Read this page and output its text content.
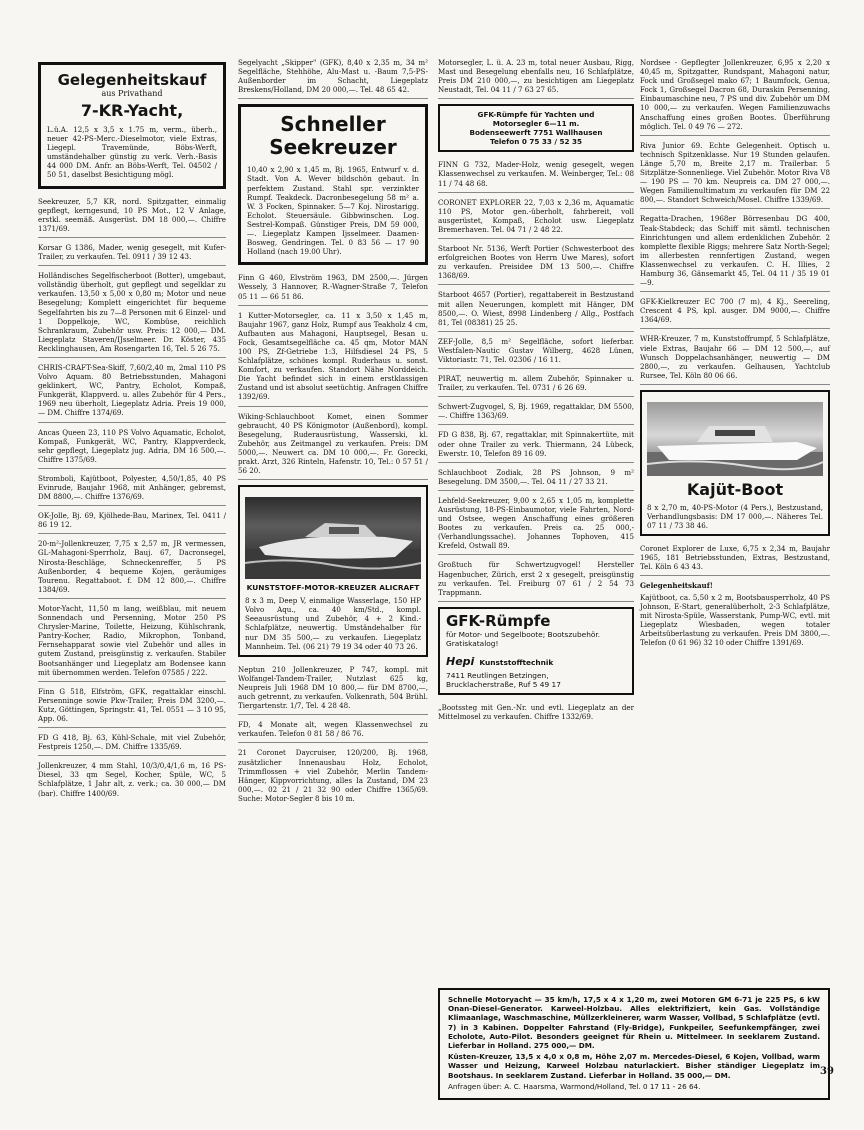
Gelegenheitskauf
aus Privathand
7-KR-Yacht,
L.ü.A. 12,5 x 3,5 x 1.75 m, verm., überh., neuer 42-PS-Merc.-Dieselmotor, viele Extras, Liegepl. Travemünde, Böbs-Werft, umständehalber günstig zu verk. Verh.-Basis 44 000 DM. Anfr. an Böbs-Werft, Tel. 04502 / 50 51, daselbst Besichtigung mögl.
Seekreuzer, 5,7 KR, nord. Spitzgatter, einmalig gepflegt, kerngesund, 10 PS Mot., 12 V Anlage, erstkl. seemäß. Ausgerüst. DM 18 000,—. Chiffre 1371/69.
Korsar G 1386, Mader, wenig gesegelt, mit Kufer-Trailer, zu verkaufen. Tel. 0911 / 39 12 43.
Holländisches Segelfischerboot (Botter), umgebaut, vollständig überholt, gut gepflegt und segelklar zu verkaufen. 13,50 x 5,00 x 0,80 m; Motor und neue Besegelung; Komplett eingerichtet für bequeme Segelfahrten bis zu 7—8 Personen mit 6 Einzel- und 1 Doppelkoje, WC, Kombüse, reichlich Schrankraum, Zubehör usw. Preis: 12 000,— DM. Liegeplatz Staveren/IJsselmeer. Dr. Köster, 435 Recklinghausen, Am Rosengarten 16, Tel. 5 26 75.
CHRIS-CRAFT-Sea-Skiff, 7,60/2,40 m, 2mal 110 PS Volvo Aquam. 80 Betriebsstunden, Mahagoni geklinkert, WC, Pantry, Echolot, Kompaß, Funkgerät, Klappverd. u. alles Zubehör für 4 Pers., 1969 neu überholt, Liegeplatz Adria. Preis 19 000,— DM. Chiffre 1374/69.
Ancas Queen 23, 110 PS Volvo Aquamatic, Echolot, Kompaß, Funkgerät, WC, Pantry, Klappverdeck, sehr gepflegt, Liegeplatz jug. Adria, DM 16 500,—. Chiffre 1375/69.
Stromboli, Kajütboot, Polyester, 4,50/1,85, 40 PS Evinrude, Baujahr 1968, mit Anhänger, gebremst, DM 8800,—. Chiffre 1376/69.
OK-Jolle, Bj. 69, Kjölhede-Bau, Marinex, Tel. 0411 / 86 19 12.
20-m²-Jollenkreuzer, 7,75 x 2,57 m, JR vermessen, GL-Mahagoni-Sperrholz, Bauj. 67, Dacronsegel, Nirosta-Beschläge, Schneckenreffer, 5 PS Außenborder, 4 bequeme Kojen, geräumiges Tourenu. Regattaboot. f. DM 12 800,—. Chiffre 1384/69.
Motor-Yacht, 11,50 m lang, weißblau, mit neuem Sonnendach und Persenning, Motor 250 PS Chrysler-Marine, Toilette, Heizung, Kühlschrank, Pantry-Kocher, Radio, Mikrophon, Tonband, Fernsehapparat sowie viel Zubehör und alles in gutem Zustand, preisgünstig z. verkaufen. Stabiler Bootsanhänger und Liegeplatz am Bodensee kann mit übernommen werden. Telefon 07585 / 222.
Finn G 518, Elfström, GFK, regattaklar einschl. Persenninge sowie Pkw-Trailer, Preis DM 3200,—. Kutz, Göttingen, Springstr. 41, Tel. 0551 — 3 10 95, App. 06.
FD G 418, Bj. 63, Kühl-Schale, mit viel Zubehör, Festpreis 1250,—. DM. Chiffre 1335/69.
Jollenkreuzer, 4 mm Stahl, 10/3/0,4/1,6 m, 16 PS-Diesel, 33 qm Segel, Kocher, Spüle, WC, 5 Schlafplätze, 1 Jahr alt, z. verk.; ca. 30 000,— DM (bar). Chiffre 1400/69.
Segelyacht „Skipper" (GFK), 8,40 x 2,35 m, 34 m² Segelfläche, Stehhöhe, Alu-Mast u. -Baum 7,5-PS-Außenborder im Schacht, Liegeplatz Breskens/Holland, DM 20 000,—. Tel. 48 65 42.
Schneller Seekreuzer
10,40 x 2,90 x 1,45 m, Bj. 1965, Entwurf v. d. Stadt. Von A. Wever bildschön gebaut. In perfektem Zustand. Stahl spr. verzinkter Rumpf. Teakdeck. Dacronbesegelung 58 m² a. W. 3 Focken, Spinnaker. 5—7 Koj. Nirostarigg. Echolot. Steuersäule. Gibbwinschen. Log. Sestrel-Kompaß. Günstiger Preis, DM 59 000,—. Liegeplatz Kampen Ijsselmeer. Daamen-Bosweg, Gendringen. Tel. 0 83 56 — 17 90 Holland (nach 19.00 Uhr).
Finn G 460, Elvström 1963, DM 2500,—. Jürgen Wessely, 3 Hannover, R.-Wagner-Straße 7, Telefon 05 11 — 66 51 86.
1 Kutter-Motorsegler, ca. 11 x 3,50 x 1,45 m, Baujahr 1967, ganz Holz, Rumpf aus Teakholz 4 cm, Aufbauten aus Mahagoni, Hauptsegel, Besan u. Fock, Gesamtsegelfläche ca. 45 qm, Motor MAN 100 PS, Zf-Getriebe 1:3, Hilfsdiesel 24 PS, 5 Schlafplätze, schönes kompl. Ruderhaus u. sonst. Komfort, zu verkaufen. Standort Nähe Norddeich. Die Yacht befindet sich in einem erstklassigen Zustand und ist absolut seetüchtig. Anfragen Chiffre 1392/69.
Wiking-Schlauchboot Komet, einen Sommer gebraucht, 40 PS Königmotor (Außenbord), kompl. Besegelung, Ruderausrüstung, Wasserski, kl. Zubehör, aus Zeitmangel zu verkaufen. Preis: DM 5000,—. Neuwert ca. DM 10 000,—. Fr. Gorecki, prakt. Arzt, 326 Rinteln, Hafenstr. 10, Tel.: 0 57 51 / 56 20.
KUNSTSTOFF-MOTOR-KREUZER ALICRAFT
8 x 3 m, Deep V, einmalige Wasserlage, 150 HP Volvo Aqu., ca. 40 km/Std., kompl. Seeausrüstung und Zubehör, 4 + 2 Kind.-Schlafplätze, neuwertig. Umständehalber für nur DM 35 500,— zu verkaufen. Liegeplatz Mannheim. Tel. (06 21) 79 19 34 oder 40 73 26.
Neptun 210 Jollenkreuzer, P 747, kompl. mit Wolfangel-Tandem-Trailer, Nutzlast 625 kg, Neupreis Juli 1968 DM 10 800,— für DM 8700,—, auch getrennt, zu verkaufen. Volkenrath, 504 Brühl. Tiergartenstr. 1/7, Tel. 4 28 48.
FD, 4 Monate alt, wegen Klassenwechsel zu verkaufen. Telefon 0 81 58 / 86 76.
21 Coronet Daycruiser, 120/200, Bj. 1968, zusätzlicher Innenausbau Holz, Echolot, Trimmflossen + viel Zubehör, Merlin Tandem-Hänger, Kippvorrichtung, alles Ia Zustand, DM 23 000,—. 02 21 / 21 32 90 oder Chiffre 1365/69. Suche: Motor-Segler 8 bis 10 m.
Motorsegler, L. ü. A. 23 m, total neuer Ausbau, Rigg, Mast und Besegelung ebenfalls neu, 16 Schlafplätze, Preis DM 210 000,—, zu besichtigen am Liegeplatz Neustadt, Tel. 04 11 / 7 63 27 65.
GFK-Rümpfe für Yachten und
Motorsegler 6—11 m.
Bodenseewerft 7751 Wallhausen
Telefon 0 75 33 / 52 35
FINN G 732, Mader-Holz, wenig gesegelt, wegen Klassenwechsel zu verkaufen. M. Weinberger, Tel.: 08 11 / 74 48 68.
CORONET EXPLORER 22, 7,03 x 2,36 m, Aquamatic 110 PS, Motor gen.-überholt, fahrbereit, voll ausgerüstet, Kompaß, Echolot usw. Liegeplatz Bremerhaven. Tel. 04 71 / 2 48 22.
Starboot Nr. 5136, Werft Portier (Schwesterboot des erfolgreichen Bootes von Herrn Uwe Mares), sofort zu verkaufen. Preisidee DM 13 500,—. Chiffre 1368/69.
Starboot 4657 (Portier), regattabereit in Bestzustand mit allen Neuerungen, komplett mit Hänger, DM 8500,—. O. Wiest, 8998 Lindenberg / Allg., Postfach 81, Tel (08381) 25 25.
ZEF-Jolle, 8,5 m² Segelfläche, sofort lieferbar. Westfalen-Nautic Gustav Wilberg, 4628 Lünen, Viktoriastr. 71, Tel. 02306 / 16 11.
PIRAT, neuwertig m. allem Zubehör, Spinnaker u. Trailer, zu verkaufen. Tel. 0731 / 6 26 69.
Schwert-Zugvogel, S, Bj. 1969, regattaklar, DM 5500,—. Chiffre 1363/69.
FD G 838, Bj. 67, regattaklar, mit Spinnakertüte, mit oder ohne Trailer zu verk. Thiermann, 24 Lübeck, Ewerstr. 10, Telefon 89 16 09.
Schlauchboot Zodiak, 28 PS Johnson, 9 m² Besegelung. DM 3500,—. Tel. 04 11 / 27 33 21.
Lehfeld-Seekreuzer, 9,00 x 2,65 x 1,05 m, komplette Ausrüstung, 18-PS-Einbaumotor, viele Fahrten, Nord- und Ostsee, wegen Anschaffung eines größeren Bootes zu verkaufen. Preis ca. 25 000,- (Verhandlungssache). Johannes Tophoven, 415 Krefeld, Ostwall 89.
Großtuch für Schwertzugvogel! Hersteller Hagenbucher, Zürich, erst 2 x gesegelt, preisgünstig zu verkaufen. Tel. Freiburg 07 61 / 2 54 73 Trappmann.
GFK-Rümpfe
für Motor- und Segelboote; Bootszubehör. Gratiskatalog!
Hepi Kunststofftechnik
7411 Reutlingen Betzingen,
Brucklacherstraße, Ruf 5 49 17
„Bootssteg mit Gen.-Nr. und evtl. Liegeplatz an der Mittelmosel zu verkaufen. Chiffre 1332/69.
Nordsee - Gepflegter Jollenkreuzer, 6,95 x 2,20 x 40,45 m, Spitzgatter, Rundspant, Mahagoni natur, Fock und Großsegel mako 67; 1 Baumfock, Genua, Fock 1, Großsegel Dacron 68, Duraskin Persenning, Einbaumaschine neu, 7 PS und div. Zubehör um DM 10 000,— zu verkaufen. Wegen Familienzuwachs Anschaffung eines großen Bootes. Überführung möglich. Tel. 0 49 76 — 272.
Riva Junior 69. Echte Gelegenheit. Optisch u. technisch Spitzenklasse. Nur 19 Stunden gelaufen. Länge 5,70 m, Breite 2,17 m. Trailerbar. 5 Sitzplätze-Sonnenliege. Viel Zubehör. Motor Riva V8 — 190 PS — 70 km. Neupreis ca. DM 27 000,—. Wegen Familienultimatum zu verkaufen für DM 22 800,—. Standort Schweich/Mosel. Chiffre 1339/69.
Regatta-Drachen, 1968er Börresenbau DG 400, Teak-Stabdeck; das Schiff mit sämtl. technischen Einrichtungen und allem erdenklichen Zubehör. 2 komplette flexible Riggs; mehrere Satz North-Segel; im allerbesten rennfertigen Zustand, wegen Klassenwechsel zu verkaufen. C. H. Illies, 2 Hamburg 36, Gänsemarkt 45, Tel. 04 11 / 35 19 01—9.
GFK-Kielkreuzer EC 700 (7 m), 4 Kj., Seereling, Crescent 4 PS, kpl. ausger. DM 9000,—. Chiffre 1364/69.
WHR-Kreuzer, 7 m, Kunststoffrumpf, 5 Schlafplätze, viele Extras, Baujahr 66 — DM 12 500,—, auf Wunsch Doppelachsanhänger, neuwertig — DM 2800,—, zu verkaufen. Gelhausen, Yachtclub Rursee, Tel. Köln 80 06 66.
Kajüt-Boot
8 x 2,70 m, 40-PS-Motor (4 Pers.), Bestzustand, Verhandlungsbasis: DM 17 000,—. Näheres Tel. 07 11 / 73 38 46.
Coronet Explorer de Luxe, 6,75 x 2,34 m, Baujahr 1965, 181 Betriebsstunden, Extras, Bestzustand, Tel. Köln 6 43 43.
Gelegenheitskauf!
Kajütboot, ca. 5,50 x 2 m, Bootsbausperrholz, 40 PS Johnson, E-Start, generalüberholt, 2-3 Schlafplätze, mit Nirosta-Spüle, Wasserstank, Pump-WC, evtl. mit Liegeplatz Wiesbaden, wegen totaler Arbeitsüberlastung zu verkaufen. Preis DM 3800,—. Telefon (0 61 96) 32 10 oder Chiffre 1391/69.

Schnelle Motoryacht — 35 km/h, 17,5 x 4 x 1,20 m, zwei Motoren GM 6-71 je 225 PS, 6 kW Onan-Diesel-Generator. Karweel-Holzbau. Alles elektrifiziert, kein Gas. Vollständige Klimaanlage, Waschmaschine, Müllzerkleinerer, warm Wasser, Vollbad, 5 Schlafplätze (evtl. 7) in 3 Kabinen. Doppelter Fahrstand (Fly-Bridge), Funkpeiler, Seefunkempfänger, zwei Echolote, Auto-Pilot. Besonders geeignet für Rhein u. Mittelmeer. In seeklarem Zustand. Lieferbar in Holland. 275 000,— DM.

Küsten-Kreuzer, 13,5 x 4,0 x 0,8 m, Höhe 2,07 m. Mercedes-Diesel, 6 Kojen, Vollbad, warm Wasser und Heizung, Karweel Holzbau naturlackiert. Bisher ständiger Liegeplatz im Bootshaus. In seeklarem Zustand. Lieferbar in Holland. 35 000,— DM.

Anfragen über: A. C. Haarsma, Warmond/Holland, Tel. 0 17 11 - 26 64.

39
